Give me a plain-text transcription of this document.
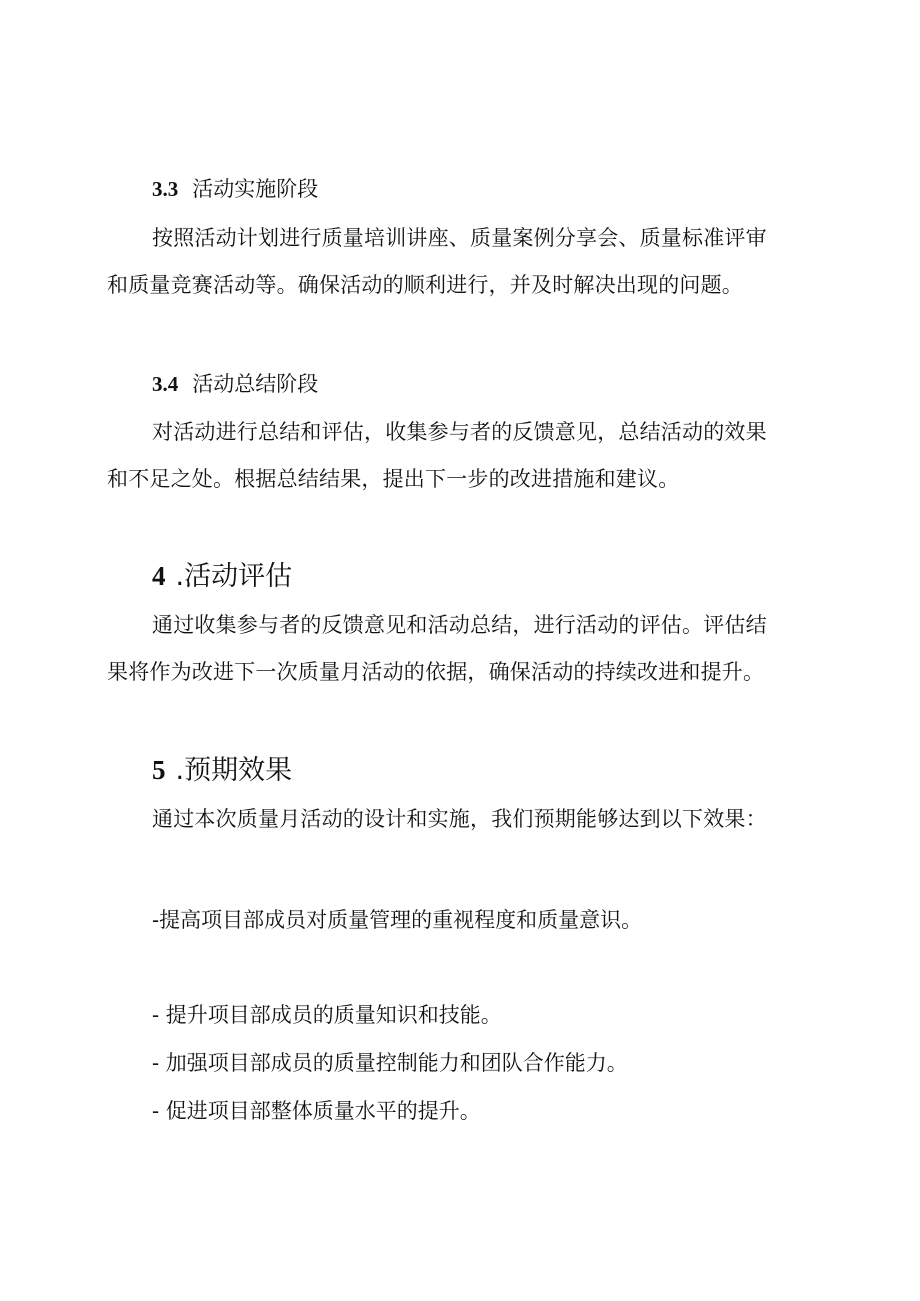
3.3 活动实施阶段
按照活动计划进行质量培训讲座、质量案例分享会、质量标准评审
和质量竞赛活动等。确保活动的顺利进行，并及时解决出现的问题。
3.4 活动总结阶段
对活动进行总结和评估，收集参与者的反馈意见，总结活动的效果
和不足之处。根据总结结果，提出下一步的改进措施和建议。
4 .活动评估
通过收集参与者的反馈意见和活动总结，进行活动的评估。评估结
果将作为改进下一次质量月活动的依据，确保活动的持续改进和提升。
5 .预期效果
通过本次质量月活动的设计和实施，我们预期能够达到以下效果：
-提高项目部成员对质量管理的重视程度和质量意识。
- 提升项目部成员的质量知识和技能。
- 加强项目部成员的质量控制能力和团队合作能力。
- 促进项目部整体质量水平的提升。
